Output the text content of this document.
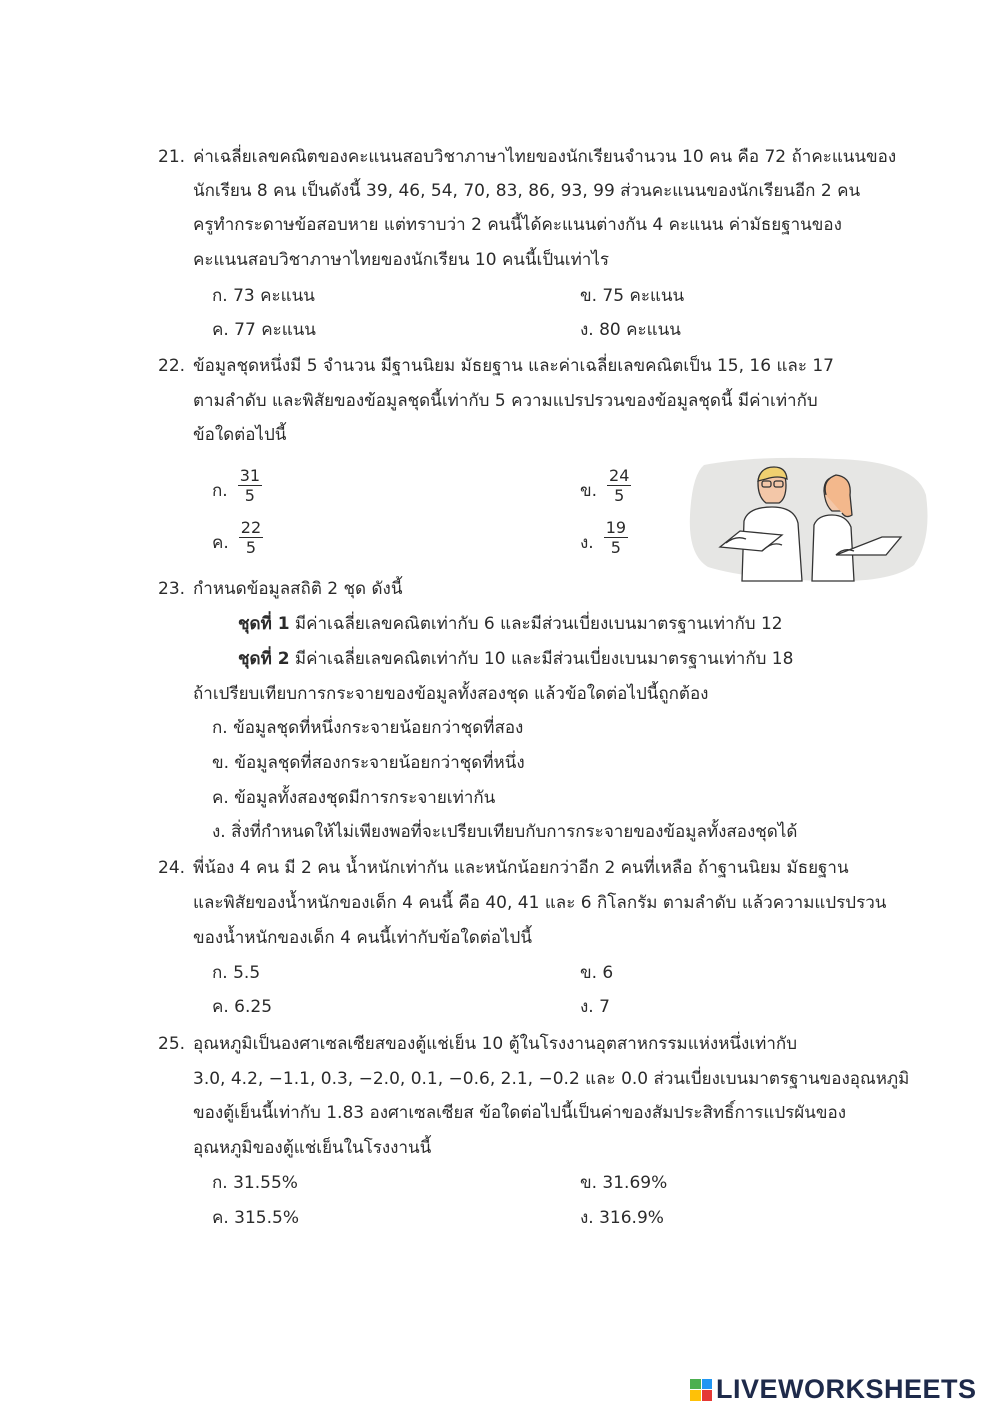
21. ค่าเฉลี่ยเลขคณิตของคะแนนสอบวิชาภาษาไทยของนักเรียนจำนวน 10 คน คือ 72 ถ้าคะแนนของ
นักเรียน 8 คน เป็นดังนี้ 39, 46, 54, 70, 83, 86, 93, 99 ส่วนคะแนนของนักเรียนอีก 2 คน
ครูทำกระดาษข้อสอบหาย แต่ทราบว่า 2 คนนี้ได้คะแนนต่างกัน 4 คะแนน ค่ามัธยฐานของ
คะแนนสอบวิชาภาษาไทยของนักเรียน 10 คนนี้เป็นเท่าไร
ก. 73 คะแนน	ข. 75 คะแนน
ค. 77 คะแนน	ง. 80 คะแนน
22. ข้อมูลชุดหนึ่งมี 5 จำนวน มีฐานนิยม มัธยฐาน และค่าเฉลี่ยเลขคณิตเป็น 15, 16 และ 17
ตามลำดับ และพิสัยของข้อมูลชุดนี้เท่ากับ 5 ความแปรปรวนของข้อมูลชุดนี้ มีค่าเท่ากับ
ข้อใดต่อไปนี้
ก. $\frac{31}{5}$	ข. $\frac{24}{5}$
ค. $\frac{22}{5}$	ง. $\frac{19}{5}$
23. กำหนดข้อมูลสถิติ 2 ชุด ดังนี้
ชุดที่ 1 มีค่าเฉลี่ยเลขคณิตเท่ากับ 6 และมีส่วนเบี่ยงเบนมาตรฐานเท่ากับ 12
ชุดที่ 2 มีค่าเฉลี่ยเลขคณิตเท่ากับ 10 และมีส่วนเบี่ยงเบนมาตรฐานเท่ากับ 18
ถ้าเปรียบเทียบการกระจายของข้อมูลทั้งสองชุด แล้วข้อใดต่อไปนี้ถูกต้อง
ก. ข้อมูลชุดที่หนึ่งกระจายน้อยกว่าชุดที่สอง
ข. ข้อมูลชุดที่สองกระจายน้อยกว่าชุดที่หนึ่ง
ค. ข้อมูลทั้งสองชุดมีการกระจายเท่ากัน
ง. สิ่งที่กำหนดให้ไม่เพียงพอที่จะเปรียบเทียบกับการกระจายของข้อมูลทั้งสองชุดได้
24. พี่น้อง 4 คน มี 2 คน น้ำหนักเท่ากัน และหนักน้อยกว่าอีก 2 คนที่เหลือ ถ้าฐานนิยม มัธยฐาน
และพิสัยของน้ำหนักของเด็ก 4 คนนี้ คือ 40, 41 และ 6 กิโลกรัม ตามลำดับ แล้วความแปรปรวน
ของน้ำหนักของเด็ก 4 คนนี้เท่ากับข้อใดต่อไปนี้
ก. 5.5	ข. 6
ค. 6.25	ง. 7
25. อุณหภูมิเป็นองศาเซลเซียสของตู้แช่เย็น 10 ตู้ในโรงงานอุตสาหกรรมแห่งหนึ่งเท่ากับ
3.0, 4.2, −1.1, 0.3, −2.0, 0.1, −0.6, 2.1, −0.2 และ 0.0 ส่วนเบี่ยงเบนมาตรฐานของอุณหภูมิ
ของตู้เย็นนี้เท่ากับ 1.83 องศาเซลเซียส ข้อใดต่อไปนี้เป็นค่าของสัมประสิทธิ์การแปรผันของ
อุณหภูมิของตู้แช่เย็นในโรงงานนี้
ก. 31.55%	ข. 31.69%
ค. 315.5%	ง. 316.9%
LIVEWORKSHEETS
